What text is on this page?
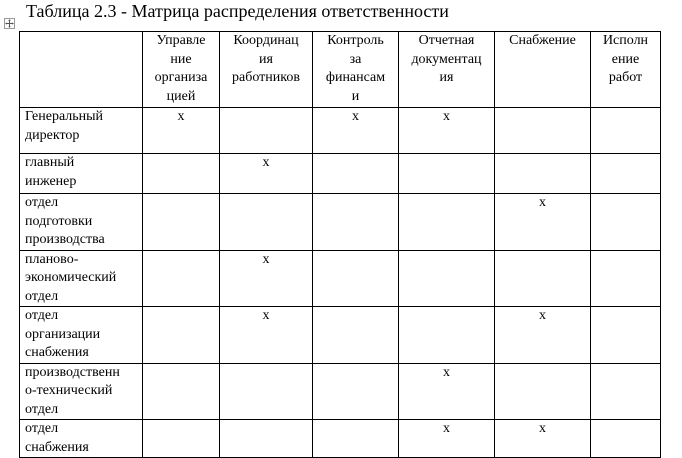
Таблица 2.3 - Матрица распределения ответственности

	Управле
ние
организа
цией	Координац
ия
работников	Контроль
за
финансам
и	Отчетная
документац
ия	Снабжение	Исполн
ение
работ

Генеральный
директор	х		х	х		

главный
инженер		х				

отдел
подготовки
производства					х	

планово-
экономический
отдел		х				

отдел
организации
снабжения		х			х	

производственн
о-технический
отдел				х		

отдел
снабжения				х	х	
